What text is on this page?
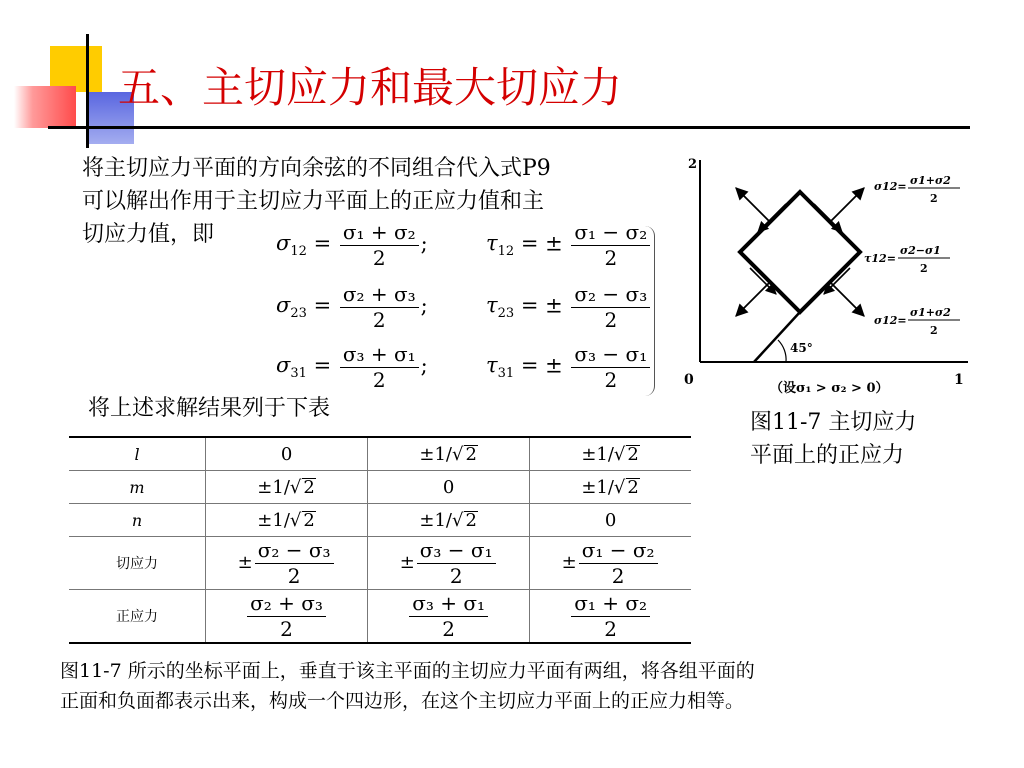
五、主切应力和最大切应力
将主切应力平面的方向余弦的不同组合代入式P9
可以解出作用于主切应力平面上的正应力值和主
切应力值，即	$\sigma_{12} = \frac{\text{σ₁ + σ₂}}{2}$ ;	$\tau_{12}$ = ± $\frac{\text{σ₁ − σ₂}}{2}$
$\sigma_{23} = \frac{\text{σ₂ + σ₃}}{2}$ ;	$\tau_{23}$ = ± $\frac{\text{σ₂ − σ₃}}{2}$
$\sigma_{31} = \frac{\text{σ₃ + σ₁}}{2}$ ;	$\tau_{31}$ = ± $\frac{\text{σ₃ − σ₁}}{2}$
将上述求解结果列于下表
l	0	±1/√ 2	±1/√ 2
m	±1/√ 2	0	±1/√ 2
n	±1/√ 2	±1/√ 2	0
切应力	± $\frac{\text{σ₂ − σ₃}}{2}$	± $\frac{\text{σ₃ − σ₁}}{2}$	± $\frac{\text{σ₁ − σ₂}}{2}$

正应力	$\frac{\text{σ₂ + σ₃}}{2}$	$\frac{\text{σ₃ + σ₁}}{2}$	$\frac{\text{σ₁ + σ₂}}{2}$
2
0	1
45°
σ12= σ1+σ2
2
τ12=
σ2−σ1
2
σ12=
σ1+σ2
2
（设σ₁ > σ₂ > 0）
图11-7 主切应力
平面上的正应力
图11-7 所示的坐标平面上，垂直于该主平面的主切应力平面有两组，将各组平面的
正面和负面都表示出来，构成一个四边形，在这个主切应力平面上的正应力相等。
